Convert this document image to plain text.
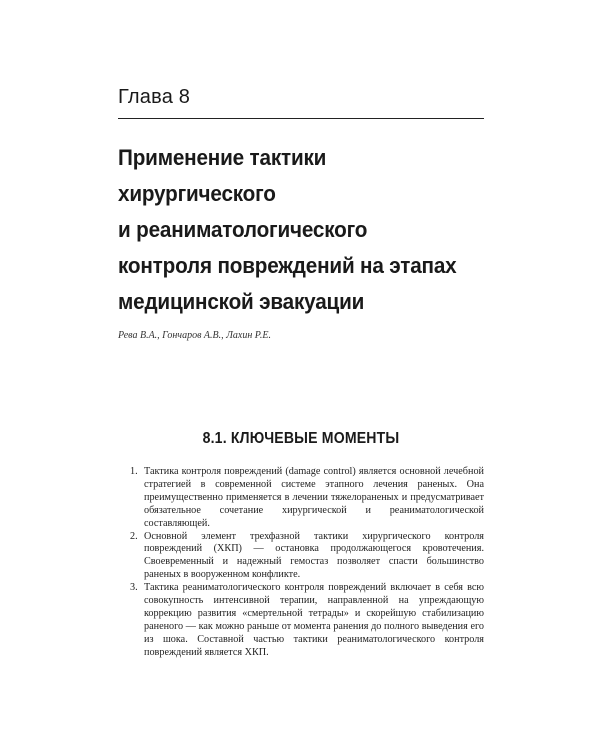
Глава 8
Применение тактики
хирургического
и реаниматологического
контроля повреждений на этапах
медицинской эвакуации

Рева В.А., Гончаров А.В., Лахин Р.Е.

8.1. КЛЮЧЕВЫЕ МОМЕНТЫ
1. Тактика контроля повреждений (damage control) является основной лечебной стратегией в современной системе этапного лечения раненых. Она преимущественно применяется в лечении тяжелораненых и предусматривает обязательное сочетание хирургической и реаниматологической составляющей.
2. Основной элемент трехфазной тактики хирургического контроля повреждений (ХКП) — остановка продолжающегося кровотечения. Своевременный и надежный гемостаз позволяет спасти большинство раненых в вооруженном конфликте.
3. Тактика реаниматологического контроля повреждений включает в себя всю совокупность интенсивной терапии, направленной на упреждающую коррекцию развития «смертельной тетрады» и скорейшую стабилизацию раненого — как можно раньше от момента ранения до полного выведения его из шока. Составной частью тактики реаниматологического контроля повреждений является ХКП.
